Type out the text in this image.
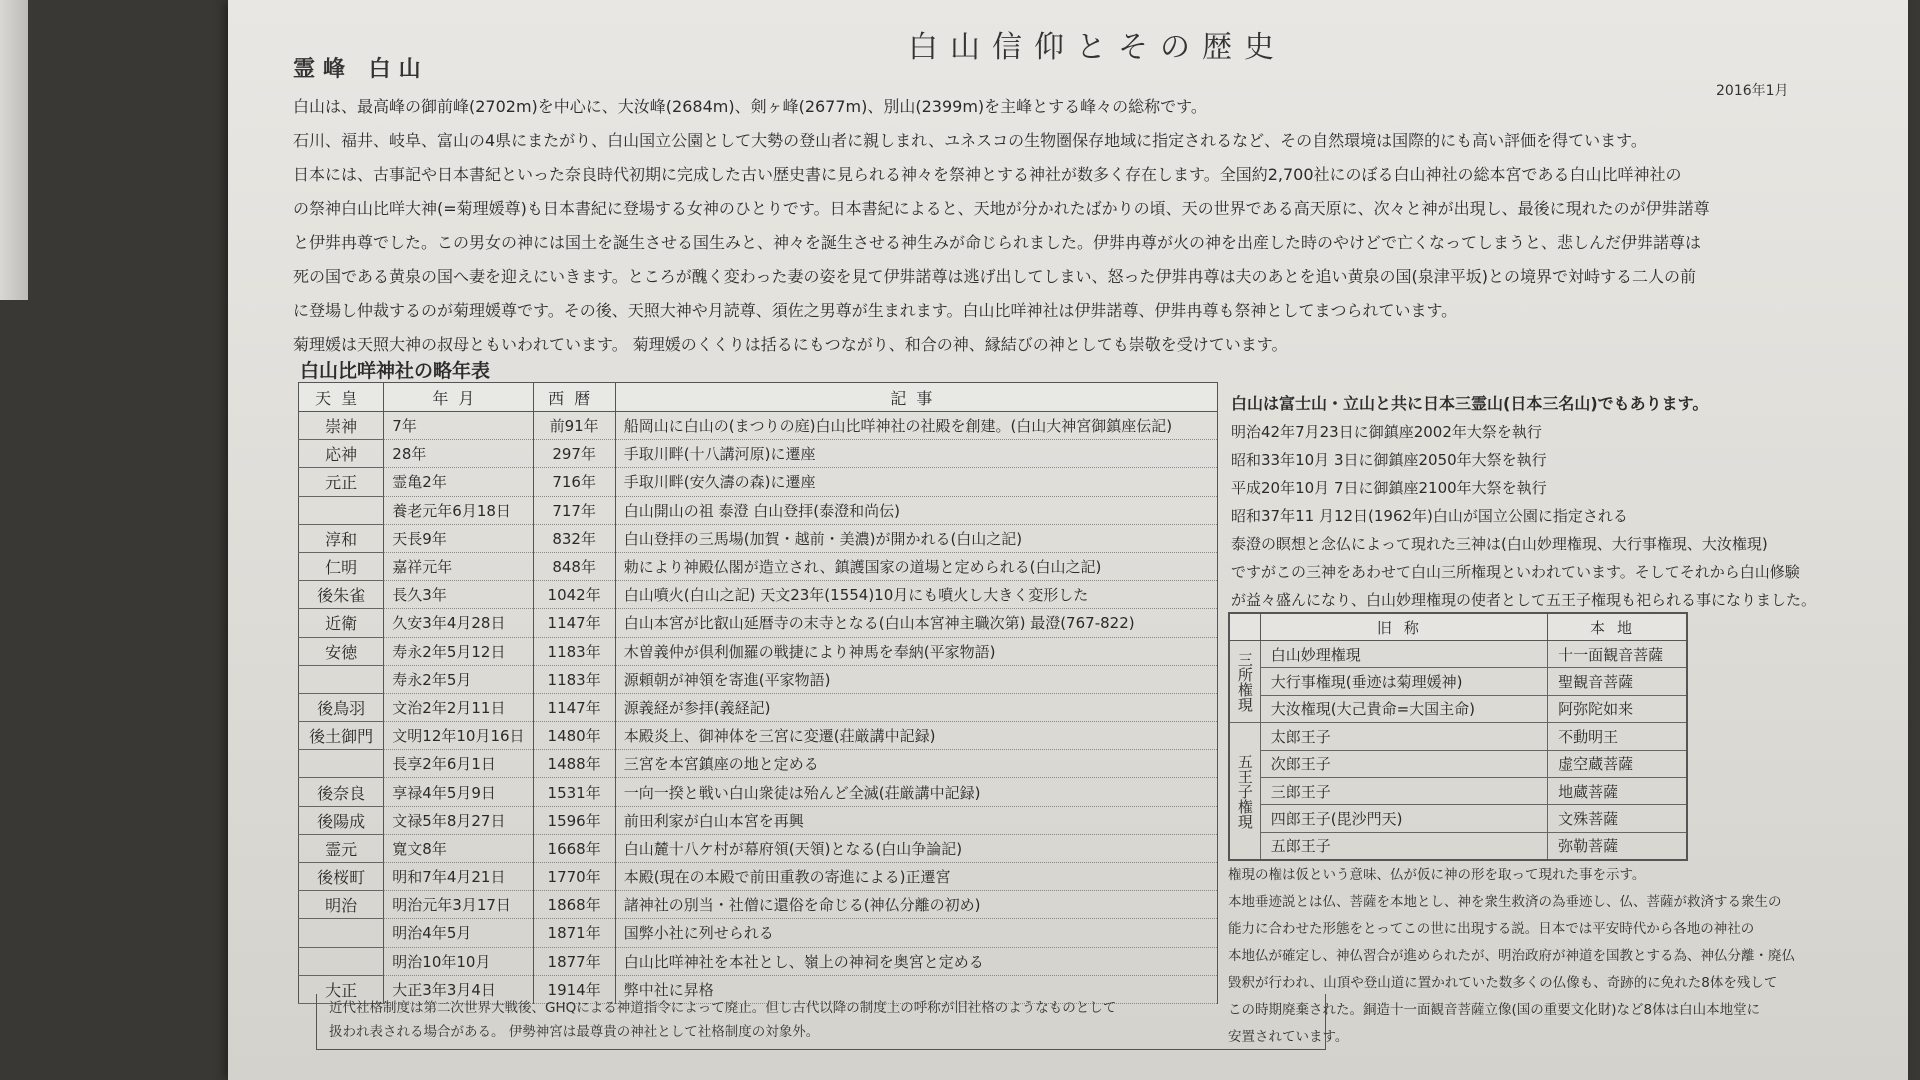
白山信仰とその歴史
霊峰 白山
2016年1月

白山は、最高峰の御前峰(2702m)を中心に、大汝峰(2684m)、剣ヶ峰(2677m)、別山(2399m)を主峰とする峰々の総称です。

石川、福井、岐阜、富山の4県にまたがり、白山国立公園として大勢の登山者に親しまれ、ユネスコの生物圏保存地域に指定されるなど、その自然環境は国際的にも高い評価を得ています。

日本には、古事記や日本書紀といった奈良時代初期に完成した古い歴史書に見られる神々を祭神とする神社が数多く存在します。全国約2,700社にのぼる白山神社の総本宮である白山比咩神社の

の祭神白山比咩大神(=菊理媛尊)も日本書紀に登場する女神のひとりです。日本書紀によると、天地が分かれたばかりの頃、天の世界である高天原に、次々と神が出現し、最後に現れたのが伊弉諾尊

と伊弉冉尊でした。この男女の神には国土を誕生させる国生みと、神々を誕生させる神生みが命じられました。伊弉冉尊が火の神を出産した時のやけどで亡くなってしまうと、悲しんだ伊弉諾尊は

死の国である黄泉の国へ妻を迎えにいきます。ところが醜く変わった妻の姿を見て伊弉諾尊は逃げ出してしまい、怒った伊弉冉尊は夫のあとを追い黄泉の国(泉津平坂)との境界で対峙する二人の前

に登場し仲裁するのが菊理媛尊です。その後、天照大神や月読尊、須佐之男尊が生まれます。白山比咩神社は伊弉諾尊、伊弉冉尊も祭神としてまつられています。

菊理媛は天照大神の叔母ともいわれています。 菊理媛のくくりは括るにもつながり、和合の神、縁結びの神としても崇敬を受けています。

白山比咩神社の略年表
天皇	年月	西暦	記事
崇神	7年	前91年	船岡山に白山の(まつりの庭)白山比咩神社の社殿を創建。(白山大神宮御鎮座伝記)
応神	28年	297年	手取川畔(十八講河原)に遷座
元正	霊亀2年	716年	手取川畔(安久濤の森)に遷座
	養老元年6月18日	717年	白山開山の祖 泰澄 白山登拝(泰澄和尚伝)
淳和	天長9年	832年	白山登拝の三馬場(加賀・越前・美濃)が開かれる(白山之記)
仁明	嘉祥元年	848年	勅により神殿仏閣が造立され、鎮護国家の道場と定められる(白山之記)
後朱雀	長久3年	1042年	白山噴火(白山之記) 天文23年(1554)10月にも噴火し大きく変形した
近衛	久安3年4月28日	1147年	白山本宮が比叡山延暦寺の末寺となる(白山本宮神主職次第) 最澄(767-822)
安徳	寿永2年5月12日	1183年	木曽義仲が倶利伽羅の戦捷により神馬を奉納(平家物語)
	寿永2年5月	1183年	源頼朝が神領を寄進(平家物語)
後鳥羽	文治2年2月11日	1147年	源義経が参拝(義経記)
後土御門	文明12年10月16日	1480年	本殿炎上、御神体を三宮に変遷(荘厳講中記録)
	長享2年6月1日	1488年	三宮を本宮鎮座の地と定める
後奈良	享禄4年5月9日	1531年	一向一揆と戦い白山衆徒は殆んど全滅(荘厳講中記録)
後陽成	文禄5年8月27日	1596年	前田利家が白山本宮を再興
霊元	寛文8年	1668年	白山麓十八ケ村が幕府領(天領)となる(白山争論記)
後桜町	明和7年4月21日	1770年	本殿(現在の本殿で前田重教の寄進による)正遷宮
明治	明治元年3月17日	1868年	諸神社の別当・社僧に還俗を命じる(神仏分離の初め)
	明治4年5月	1871年	国弊小社に列せられる
	明治10年10月	1877年	白山比咩神社を本社とし、嶺上の神祠を奥宮と定める
大正	大正3年3月4日	1914年	弊中社に昇格
近代社格制度は第二次世界大戦後、GHQによる神道指令によって廃止。但し古代以降の制度上の呼称が旧社格のようなものとして
扱われ表される場合がある。 伊勢神宮は最尊貴の神社として社格制度の対象外。

白山は富士山・立山と共に日本三霊山(日本三名山)でもあります。

明治42年7月23日に御鎮座2002年大祭を執行

昭和33年10月 3日に御鎮座2050年大祭を執行

平成20年10月 7日に御鎮座2100年大祭を執行

昭和37年11 月12日(1962年)白山が国立公園に指定される

泰澄の瞑想と念仏によって現れた三神は(白山妙理権現、大行事権現、大汝権現)

ですがこの三神をあわせて白山三所権現といわれています。そしてそれから白山修験

が益々盛んになり、白山妙理権現の使者として五王子権現も祀られる事になりました。

	旧称	本地
三所権現	白山妙理権現	十一面観音菩薩
	大行事権現(垂迹は菊理媛神)	聖観音菩薩
	大汝権現(大己貴命=大国主命)	阿弥陀如来
五王子権現	太郎王子	不動明王
	次郎王子	虚空蔵菩薩
	三郎王子	地蔵菩薩
	四郎王子(毘沙門天)	文殊菩薩
	五郎王子	弥勒菩薩

権現の権は仮という意味、仏が仮に神の形を取って現れた事を示す。

本地垂迹説とは仏、菩薩を本地とし、神を衆生救済の為垂迹し、仏、菩薩が救済する衆生の

能力に合わせた形態をとってこの世に出現する説。日本では平安時代から各地の神社の

本地仏が確定し、神仏習合が進められたが、明治政府が神道を国教とする為、神仏分離・廃仏

毀釈が行われ、山頂や登山道に置かれていた数多くの仏像も、奇跡的に免れた8体を残して

この時期廃棄された。銅造十一面観音菩薩立像(国の重要文化財)など8体は白山本地堂に

安置されています。
